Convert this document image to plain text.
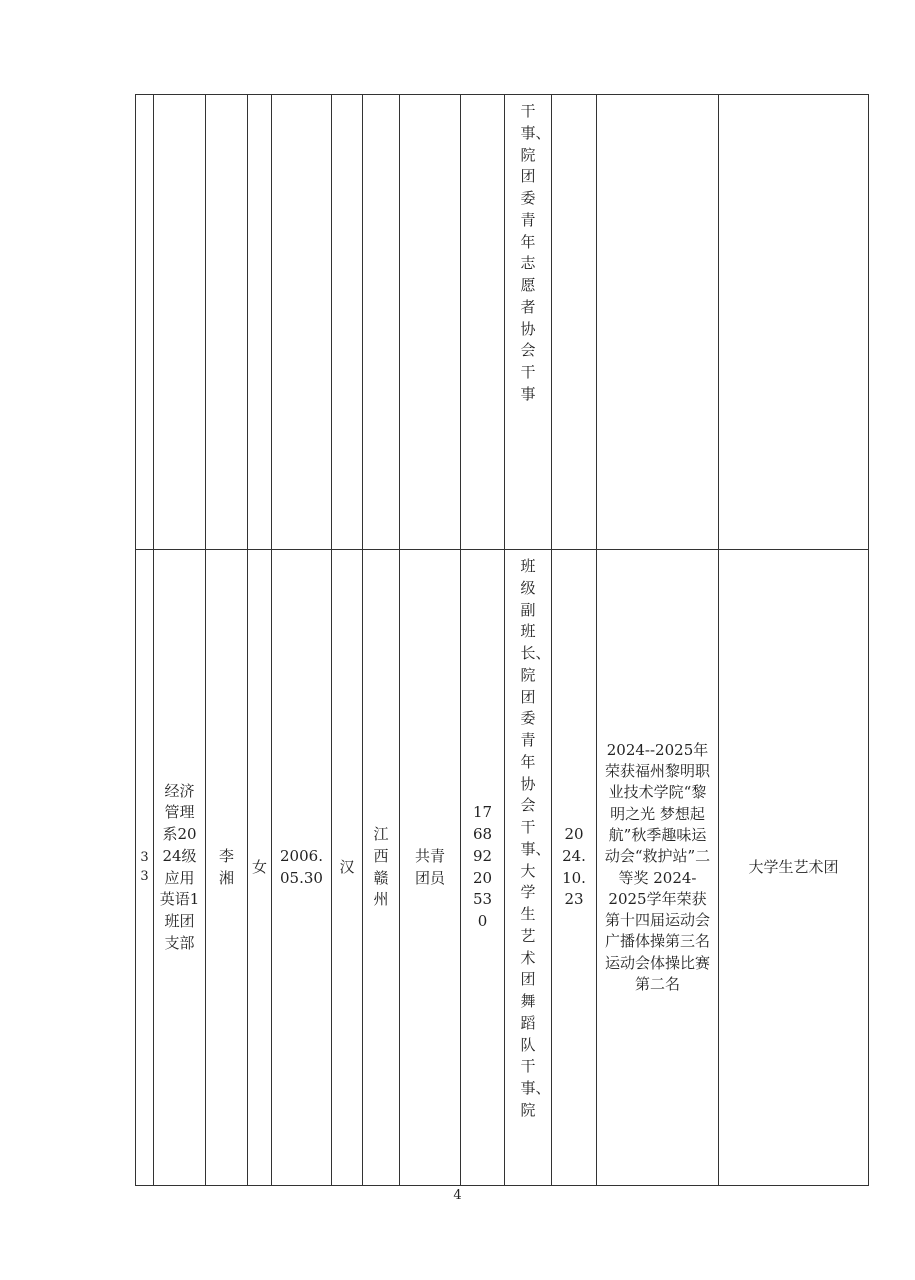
									干事、院团委青年志愿者协会干事			

33	经济管理系2024级应用英语1班团支部	李湘	女	2006.05.30	汉	江西赣州	共青团员	17689220530	班级副班长、院团委青年协会干事、大学生艺术团舞蹈队干事、院	2024.10.23	2024--2025年荣获福州黎明职业技术学院“黎明之光 梦想起航”秋季趣味运动会“救护站”二等奖 2024-2025学年荣获第十四届运动会广播体操第三名运动会体操比赛第二名	大学生艺术团
4
